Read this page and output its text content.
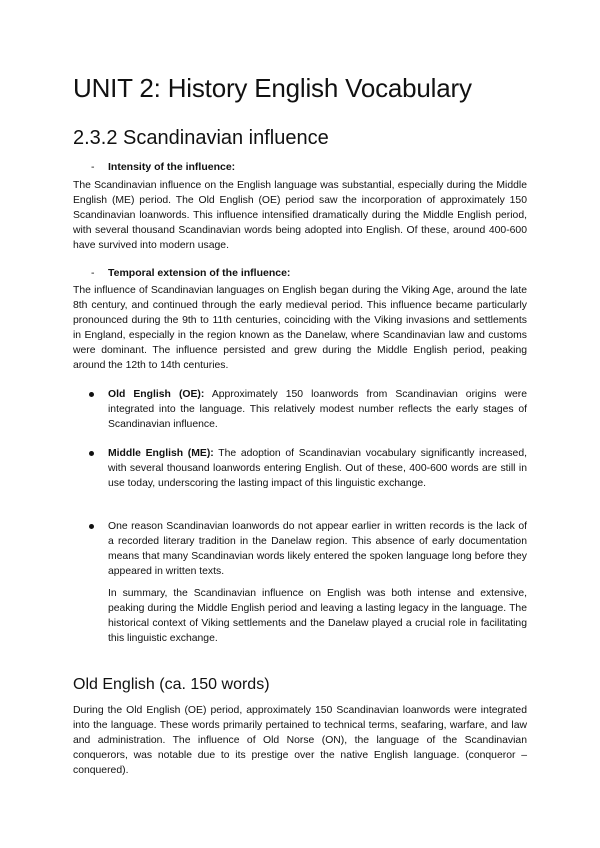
UNIT 2: History English Vocabulary
2.3.2 Scandinavian influence
- Intensity of the influence:

The Scandinavian influence on the English language was substantial, especially during the Middle English (ME) period. The Old English (OE) period saw the incorporation of approximately 150 Scandinavian loanwords. This influence intensified dramatically during the Middle English period, with several thousand Scandinavian words being adopted into English. Of these, around 400-600 have survived into modern usage.

- Temporal extension of the influence:

The influence of Scandinavian languages on English began during the Viking Age, around the late 8th century, and continued through the early medieval period. This influence became particularly pronounced during the 9th to 11th centuries, coinciding with the Viking invasions and settlements in England, especially in the region known as the Danelaw, where Scandinavian law and customs were dominant. The influence persisted and grew during the Middle English period, peaking around the 12th to 14th centuries.

Old English (OE): Approximately 150 loanwords from Scandinavian origins were integrated into the language. This relatively modest number reflects the early stages of Scandinavian influence.

Middle English (ME): The adoption of Scandinavian vocabulary significantly increased, with several thousand loanwords entering English. Out of these, 400-600 words are still in use today, underscoring the lasting impact of this linguistic exchange.

One reason Scandinavian loanwords do not appear earlier in written records is the lack of a recorded literary tradition in the Danelaw region. This absence of early documentation means that many Scandinavian words likely entered the spoken language long before they appeared in written texts.

In summary, the Scandinavian influence on English was both intense and extensive, peaking during the Middle English period and leaving a lasting legacy in the language. The historical context of Viking settlements and the Danelaw played a crucial role in facilitating this linguistic exchange.

Old English (ca. 150 words)

During the Old English (OE) period, approximately 150 Scandinavian loanwords were integrated into the language. These words primarily pertained to technical terms, seafaring, warfare, and law and administration. The influence of Old Norse (ON), the language of the Scandinavian conquerors, was notable due to its prestige over the native English language. (conqueror – conquered).
